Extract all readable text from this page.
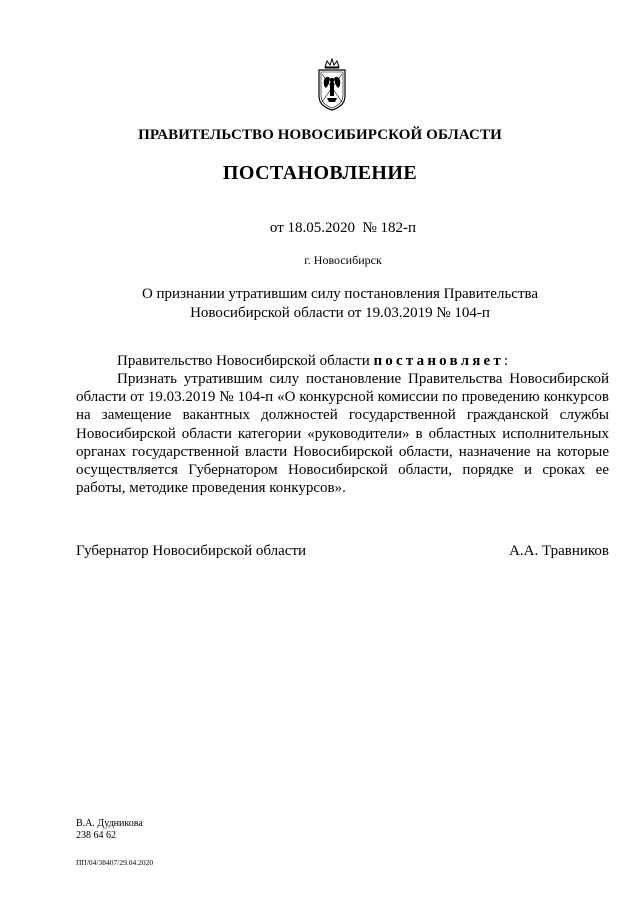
ПРАВИТЕЛЬСТВО НОВОСИБИРСКОЙ ОБЛАСТИ
ПОСТАНОВЛЕНИЕ
от 18.05.2020  № 182-п
г. Новосибирск
О признании утратившим силу постановления Правительства
Новосибирской области от 19.03.2019 № 104-п
Правительство Новосибирской области постановляет:
Признать утратившим силу постановление Правительства Новосибирской области от 19.03.2019 № 104-п «О конкурсной комиссии по проведению конкурсов на замещение вакантных должностей государственной гражданской службы Новосибирской области категории «руководители» в областных исполнительных органах государственной власти Новосибирской области, назначение на которые осуществляется Губернатором Новосибирской области, порядке и сроках ее работы, методике проведения конкурсов».
Губернатор Новосибирской области	А.А. Травников
В.А. Дудникова
238 64 62
ПП/04/38407/29.04.2020
